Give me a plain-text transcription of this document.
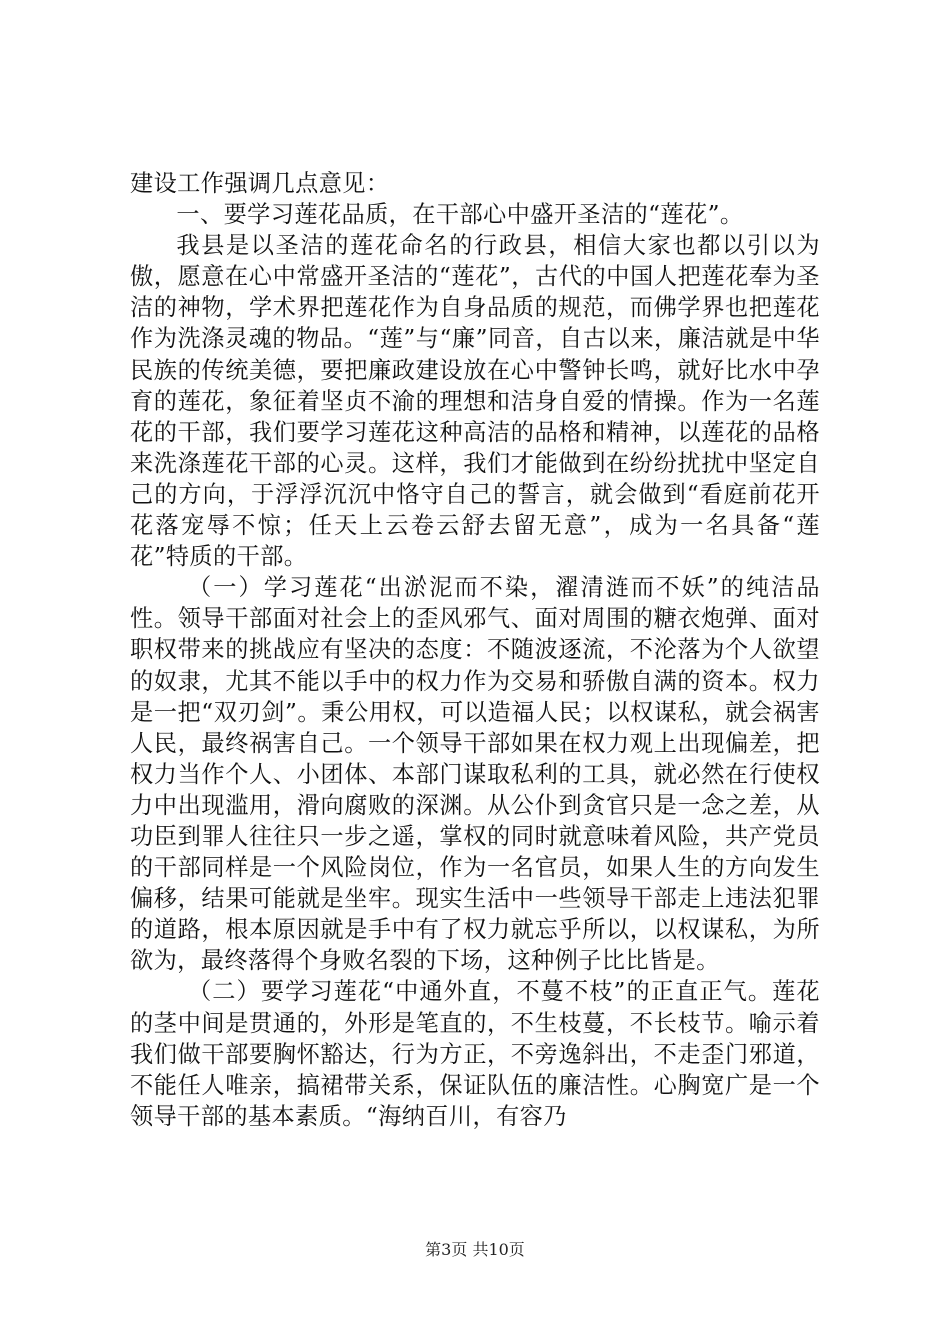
建设工作强调几点意见：

一、要学习莲花品质，在干部心中盛开圣洁的“莲花”。

我县是以圣洁的莲花命名的行政县，相信大家也都以引以为傲，愿意在心中常盛开圣洁的“莲花”，古代的中国人把莲花奉为圣洁的神物，学术界把莲花作为自身品质的规范，而佛学界也把莲花作为洗涤灵魂的物品。“莲”与“廉”同音，自古以来，廉洁就是中华民族的传统美德，要把廉政建设放在心中警钟长鸣，就好比水中孕育的莲花，象征着坚贞不渝的理想和洁身自爱的情操。作为一名莲花的干部，我们要学习莲花这种高洁的品格和精神，以莲花的品格来洗涤莲花干部的心灵。这样，我们才能做到在纷纷扰扰中坚定自己的方向，于浮浮沉沉中恪守自己的誓言，就会做到“看庭前花开花落宠辱不惊；任天上云卷云舒去留无意”，成为一名具备“莲花”特质的干部。

（一）学习莲花“出淤泥而不染，濯清涟而不妖”的纯洁品性。领导干部面对社会上的歪风邪气、面对周围的糖衣炮弹、面对职权带来的挑战应有坚决的态度：不随波逐流，不沦落为个人欲望的奴隶，尤其不能以手中的权力作为交易和骄傲自满的资本。权力是一把“双刃剑”。秉公用权，可以造福人民；以权谋私，就会祸害人民，最终祸害自己。一个领导干部如果在权力观上出现偏差，把权力当作个人、小团体、本部门谋取私利的工具，就必然在行使权力中出现滥用，滑向腐败的深渊。从公仆到贪官只是一念之差，从功臣到罪人往往只一步之遥，掌权的同时就意味着风险，共产党员的干部同样是一个风险岗位，作为一名官员，如果人生的方向发生偏移，结果可能就是坐牢。现实生活中一些领导干部走上违法犯罪的道路，根本原因就是手中有了权力就忘乎所以，以权谋私，为所欲为，最终落得个身败名裂的下场，这种例子比比皆是。

（二）要学习莲花“中通外直，不蔓不枝”的正直正气。莲花的茎中间是贯通的，外形是笔直的，不生枝蔓，不长枝节。喻示着我们做干部要胸怀豁达，行为方正，不旁逸斜出，不走歪门邪道，不能任人唯亲，搞裙带关系，保证队伍的廉洁性。心胸宽广是一个领导干部的基本素质。“海纳百川，有容乃

第3页 共10页
